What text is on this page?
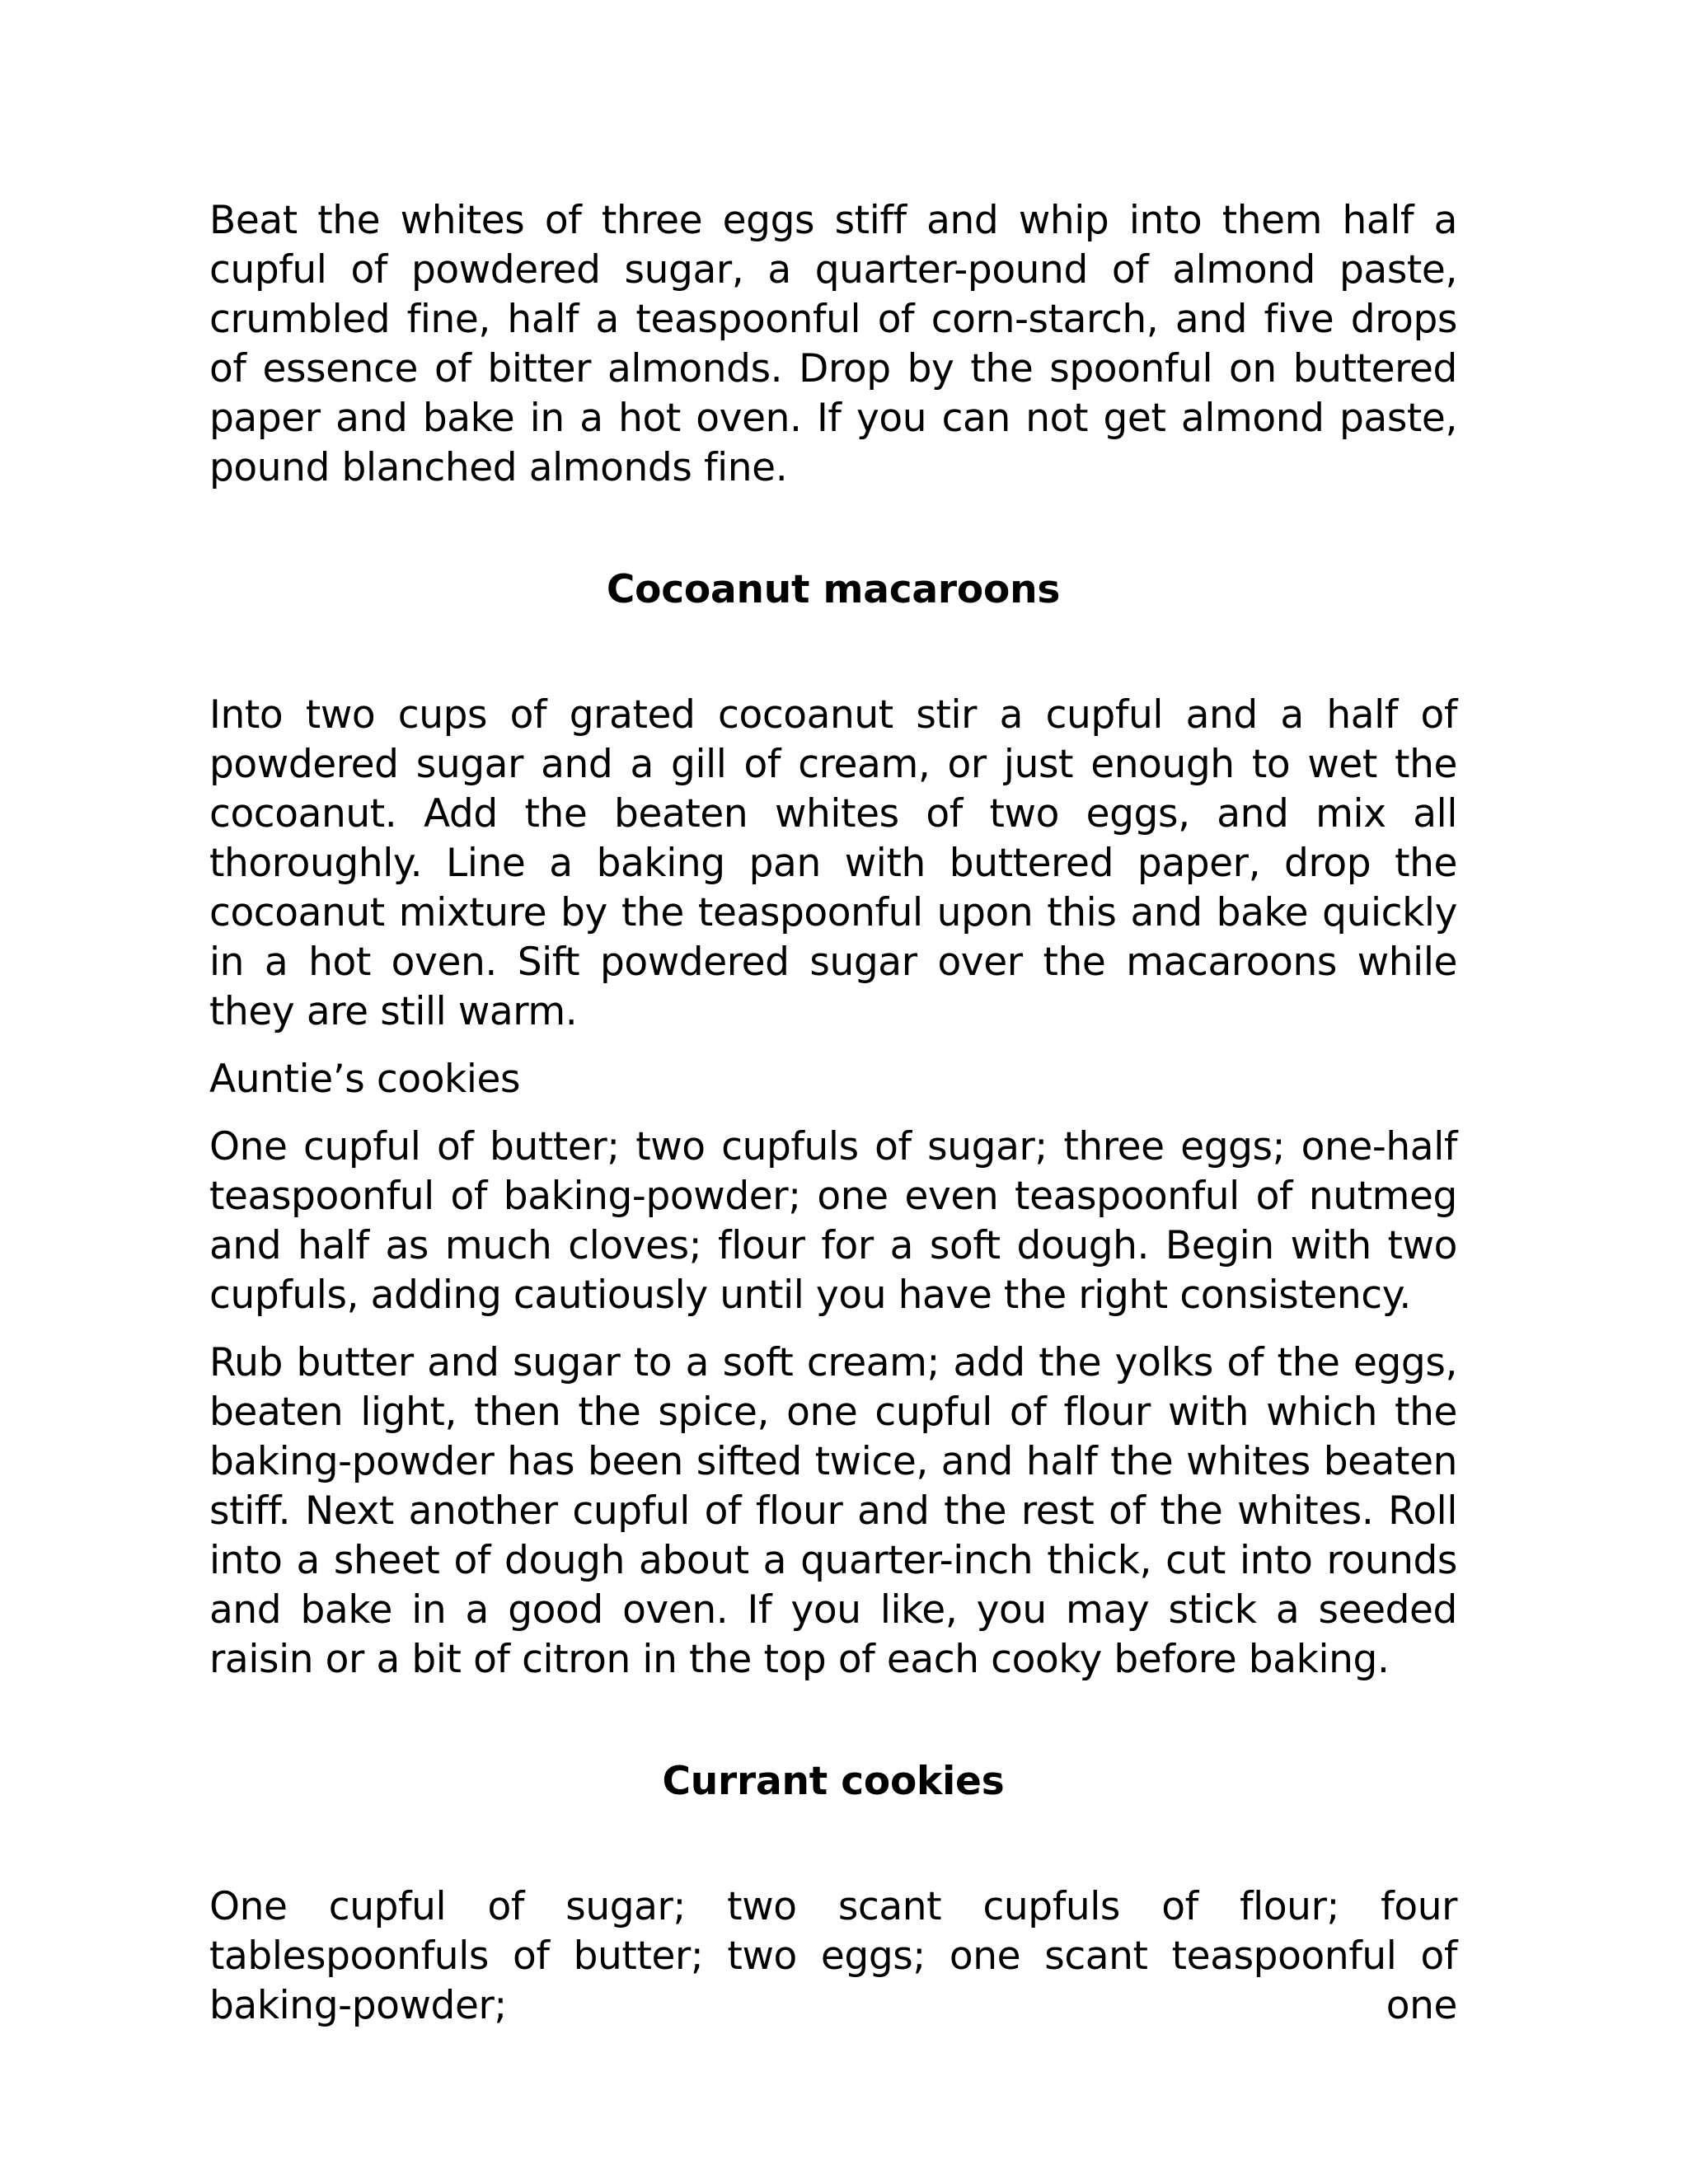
Beat the whites of three eggs stiff and whip into them half a cupful of powdered sugar, a quarter-pound of almond paste, crumbled fine, half a teaspoonful of corn-starch, and five drops of essence of bitter almonds. Drop by the spoonful on buttered paper and bake in a hot oven. If you can not get almond paste, pound blanched almonds fine.

Cocoanut macaroons

Into two cups of grated cocoanut stir a cupful and a half of powdered sugar and a gill of cream, or just enough to wet the cocoanut. Add the beaten whites of two eggs, and mix all thoroughly. Line a baking pan with buttered paper, drop the cocoanut mixture by the teaspoonful upon this and bake quickly in a hot oven. Sift powdered sugar over the macaroons while they are still warm.

Auntie’s cookies

One cupful of butter; two cupfuls of sugar; three eggs; one-half teaspoonful of baking-powder; one even teaspoonful of nutmeg and half as much cloves; flour for a soft dough. Begin with two cupfuls, adding cautiously until you have the right consistency.

Rub butter and sugar to a soft cream; add the yolks of the eggs, beaten light, then the spice, one cupful of flour with which the baking-powder has been sifted twice, and half the whites beaten stiff. Next another cupful of flour and the rest of the whites. Roll into a sheet of dough about a quarter-inch thick, cut into rounds and bake in a good oven. If you like, you may stick a seeded raisin or a bit of citron in the top of each cooky before baking.

Currant cookies

One cupful of sugar; two scant cupfuls of flour; four tablespoonfuls of butter; two eggs; one scant teaspoonful of baking-powder; one
